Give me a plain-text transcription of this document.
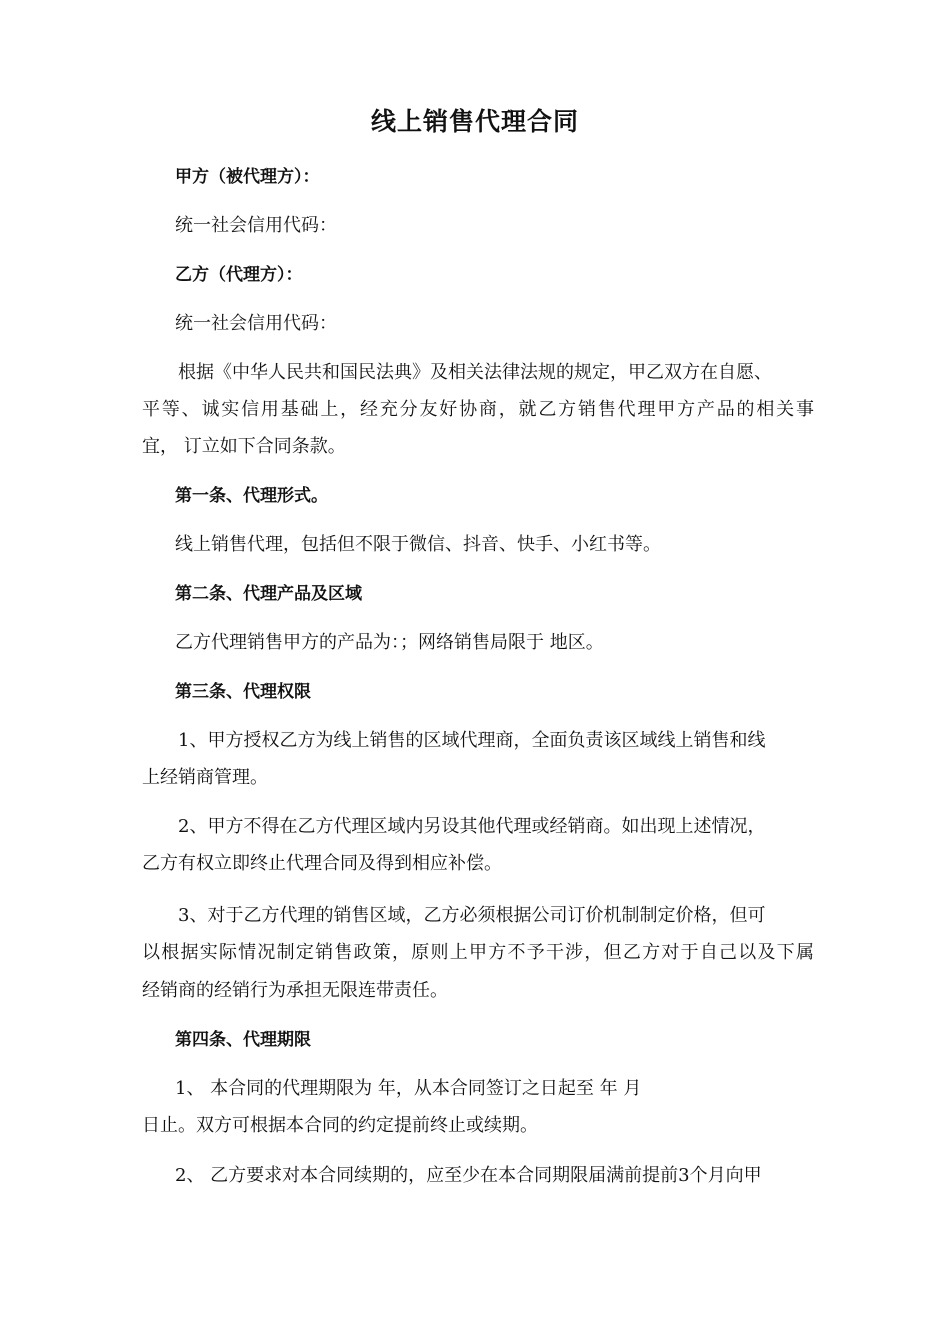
线上销售代理合同
甲方（被代理方）：
统一社会信用代码：
乙方（代理方）：
统一社会信用代码：
根据《中华人民共和国民法典》及相关法律法规的规定，甲乙双方在自愿、
平等、诚实信用基础上，经充分友好协商，就乙方销售代理甲方产品的相关事
宜， 订立如下合同条款。
第一条、代理形式。
线上销售代理，包括但不限于微信、抖音、快手、小红书等。
第二条、代理产品及区域
乙方代理销售甲方的产品为：；网络销售局限于 地区。
第三条、代理权限
1、甲方授权乙方为线上销售的区域代理商，全面负责该区域线上销售和线
上经销商管理。
2、甲方不得在乙方代理区域内另设其他代理或经销商。如出现上述情况，
乙方有权立即终止代理合同及得到相应补偿。
3、对于乙方代理的销售区域，乙方必须根据公司订价机制制定价格，但可
以根据实际情况制定销售政策，原则上甲方不予干涉，但乙方对于自己以及下属
经销商的经销行为承担无限连带责任。
第四条、代理期限
1、 本合同的代理期限为 年，从本合同签订之日起至 年 月
日止。双方可根据本合同的约定提前终止或续期。
2、 乙方要求对本合同续期的，应至少在本合同期限届满前提前3个月向甲
